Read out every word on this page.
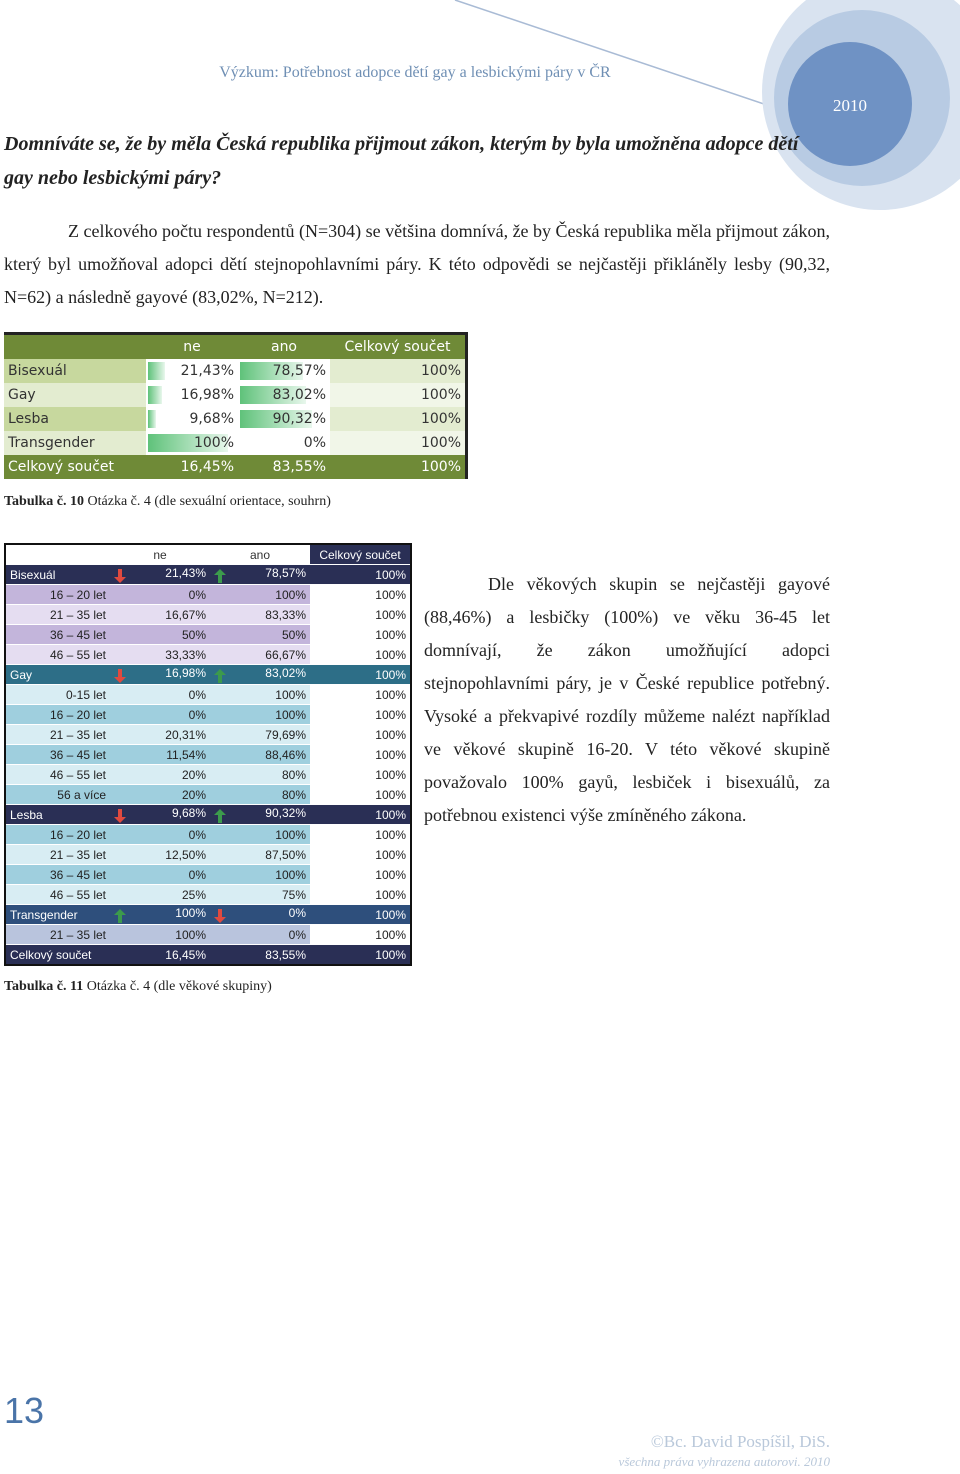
Výzkum: Potřebnost adopce dětí gay a lesbickými páry v ČR
2010
Domníváte se, že by měla Česká republika přijmout zákon, kterým by byla umožněna adopce dětí gay nebo lesbickými páry?
Z celkového počtu respondentů (N=304) se většina domnívá, že by Česká republika měla přijmout zákon, který byl umožňoval adopci dětí stejnopohlavními páry. K této odpovědi se nejčastěji přikláněly lesby (90,32, N=62) a následně gayové (83,02%, N=212).
	ne	ano	Celkový součet
Bisexuál	21,43%	78,57%	100%
Gay	16,98%	83,02%	100%
Lesba	9,68%	90,32%	100%
Transgender	100%	0%	100%
Celkový součet	16,45%	83,55%	100%
Tabulka č. 10 Otázka č. 4 (dle sexuální orientace, souhrn)
	ne	ano	Celkový součet
Bisexuál	21,43%	78,57%	100%
16 – 20 let	0%	100%	100%
21 – 35 let	16,67%	83,33%	100%
36 – 45 let	50%	50%	100%
46 – 55 let	33,33%	66,67%	100%
Gay	16,98%	83,02%	100%
0-15 let	0%	100%	100%
16 – 20 let	0%	100%	100%
21 – 35 let	20,31%	79,69%	100%
36 – 45 let	11,54%	88,46%	100%
46 – 55 let	20%	80%	100%
56 a více	20%	80%	100%
Lesba	9,68%	90,32%	100%
16 – 20 let	0%	100%	100%
21 – 35 let	12,50%	87,50%	100%
36 – 45 let	0%	100%	100%
46 – 55 let	25%	75%	100%
Transgender	100%	0%	100%
21 – 35 let	100%	0%	100%
Celkový součet	16,45%	83,55%	100%
Tabulka č. 11 Otázka č. 4 (dle věkové skupiny)
Dle věkových skupin se nejčastěji gayové (88,46%) a lesbičky (100%) ve věku 36-45 let domnívají, že zákon umožňující adopci stejnopohlavními páry, je v České republice potřebný. Vysoké a překvapivé rozdíly můžeme nalézt například ve věkové skupině 16-20. V této věkové skupině považovalo 100% gayů, lesbiček i bisexuálů, za potřebnou existenci výše zmíněného zákona.
13
©Bc. David Pospíšil, DiS.
všechna práva vyhrazena autorovi. 2010
